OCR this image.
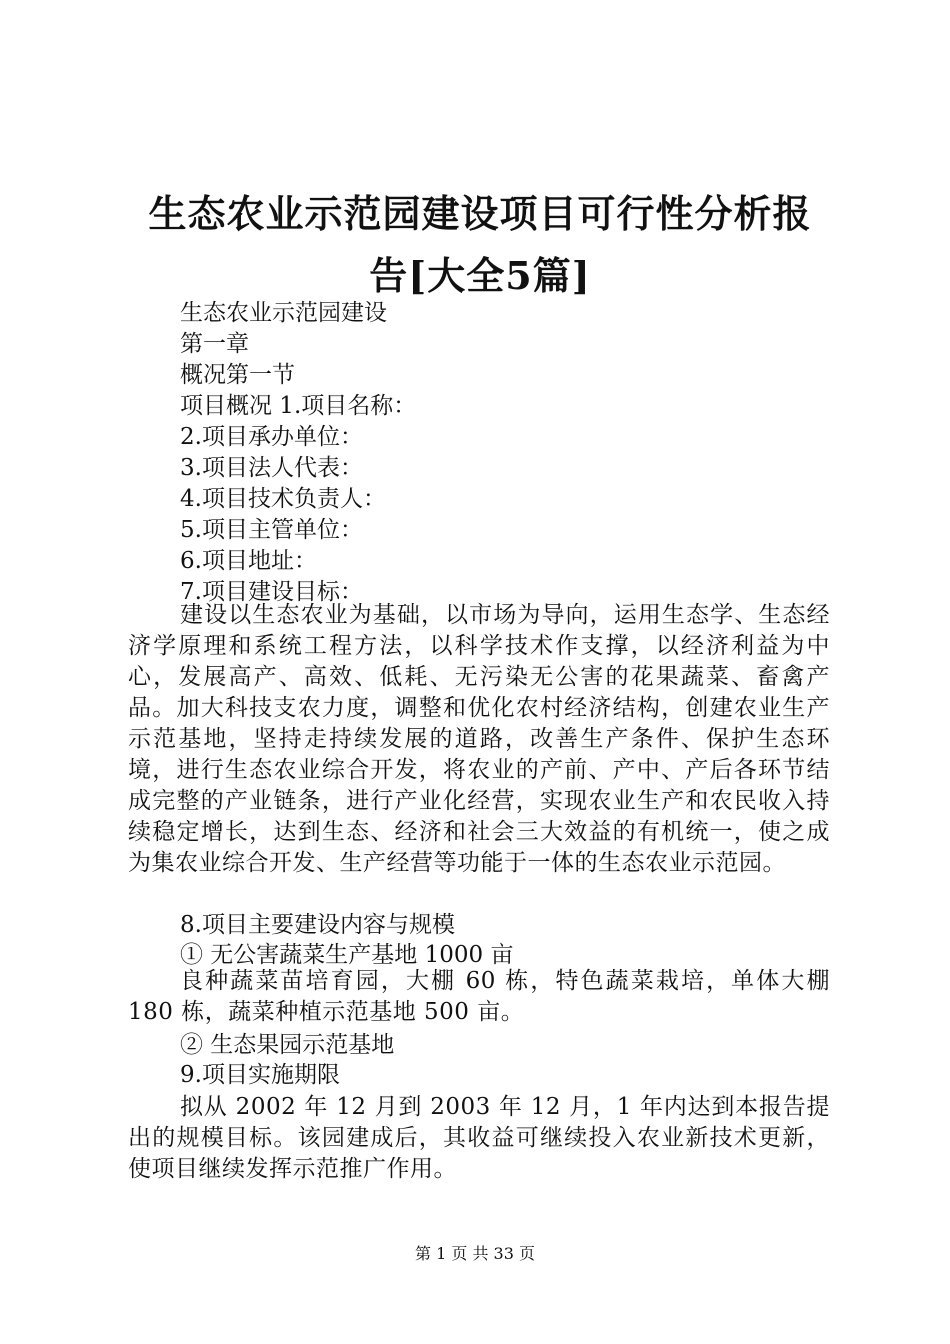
生态农业示范园建设项目可行性分析报告[大全5篇]
生态农业示范园建设
第一章
概况第一节
项目概况 1.项目名称：
2.项目承办单位：
3.项目法人代表：
4.项目技术负责人：
5.项目主管单位：
6.项目地址：
7.项目建设目标：
建设以生态农业为基础，以市场为导向，运用生态学、生态经济学原理和系统工程方法，以科学技术作支撑，以经济利益为中心，发展高产、高效、低耗、无污染无公害的花果蔬菜、畜禽产品。加大科技支农力度，调整和优化农村经济结构，创建农业生产示范基地，坚持走持续发展的道路，改善生产条件、保护生态环境，进行生态农业综合开发，将农业的产前、产中、产后各环节结成完整的产业链条，进行产业化经营，实现农业生产和农民收入持续稳定增长，达到生态、经济和社会三大效益的有机统一，使之成为集农业综合开发、生产经营等功能于一体的生态农业示范园。
8.项目主要建设内容与规模
① 无公害蔬菜生产基地 1000 亩
良种蔬菜苗培育园，大棚 60 栋，特色蔬菜栽培，单体大棚 180 栋，蔬菜种植示范基地 500 亩。
② 生态果园示范基地
9.项目实施期限
拟从 2002 年 12 月到 2003 年 12 月，1 年内达到本报告提出的规模目标。该园建成后，其收益可继续投入农业新技术更新，使项目继续发挥示范推广作用。
第 1 页 共 33 页
